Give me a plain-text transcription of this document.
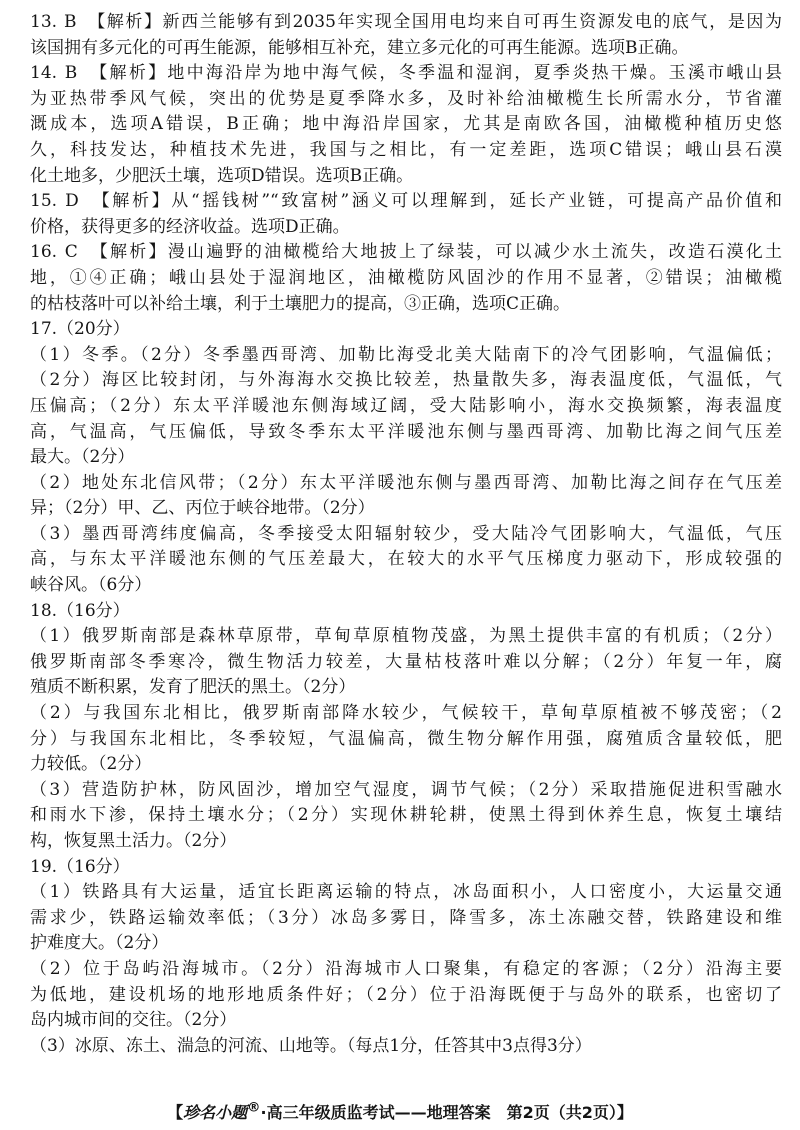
13. B　【解析】新西兰能够有到2035年实现全国用电均来自可再生资源发电的底气，是因为
该国拥有多元化的可再生能源，能够相互补充，建立多元化的可再生能源。选项B正确。
14. B　【解析】地中海沿岸为地中海气候，冬季温和湿润，夏季炎热干燥。玉溪市峨山县
为亚热带季风气候，突出的优势是夏季降水多，及时补给油橄榄生长所需水分，节省灌
溉成本，选项A错误，B正确；地中海沿岸国家，尤其是南欧各国，油橄榄种植历史悠
久，科技发达，种植技术先进，我国与之相比，有一定差距，选项C错误；峨山县石漠
化土地多，少肥沃土壤，选项D错误。选项B正确。
15. D　【解析】从“摇钱树”“致富树”涵义可以理解到，延长产业链，可提高产品价值和
价格，获得更多的经济收益。选项D正确。
16. C　【解析】漫山遍野的油橄榄给大地披上了绿装，可以减少水土流失，改造石漠化土
地，①④正确；峨山县处于湿润地区，油橄榄防风固沙的作用不显著，②错误；油橄榄
的枯枝落叶可以补给土壤，利于土壤肥力的提高，③正确，选项C正确。
17.（20分）
（1）冬季。（2分）冬季墨西哥湾、加勒比海受北美大陆南下的冷气团影响，气温偏低；
（2分）海区比较封闭，与外海海水交换比较差，热量散失多，海表温度低，气温低，气
压偏高；（2分）东太平洋暖池东侧海域辽阔，受大陆影响小，海水交换频繁，海表温度
高，气温高，气压偏低，导致冬季东太平洋暖池东侧与墨西哥湾、加勒比海之间气压差
最大。（2分）
（2）地处东北信风带；（2分）东太平洋暖池东侧与墨西哥湾、加勒比海之间存在气压差
异；（2分）甲、乙、丙位于峡谷地带。（2分）
（3）墨西哥湾纬度偏高，冬季接受太阳辐射较少，受大陆冷气团影响大，气温低，气压
高，与东太平洋暖池东侧的气压差最大，在较大的水平气压梯度力驱动下，形成较强的
峡谷风。（6分）
18.（16分）
（1）俄罗斯南部是森林草原带，草甸草原植物茂盛，为黑土提供丰富的有机质；（2分）
俄罗斯南部冬季寒冷，微生物活力较差，大量枯枝落叶难以分解；（2分）年复一年，腐
殖质不断积累，发育了肥沃的黑土。（2分）
（2）与我国东北相比，俄罗斯南部降水较少，气候较干，草甸草原植被不够茂密；（2
分）与我国东北相比，冬季较短，气温偏高，微生物分解作用强，腐殖质含量较低，肥
力较低。（2分）
（3）营造防护林，防风固沙，增加空气湿度，调节气候；（2分）采取措施促进积雪融水
和雨水下渗，保持土壤水分；（2分）实现休耕轮耕，使黑土得到休养生息，恢复土壤结
构，恢复黑土活力。（2分）
19.（16分）
（1）铁路具有大运量，适宜长距离运输的特点，冰岛面积小，人口密度小，大运量交通
需求少，铁路运输效率低；（3分）冰岛多雾日，降雪多，冻土冻融交替，铁路建设和维
护难度大。（2分）
（2）位于岛屿沿海城市。（2分）沿海城市人口聚集，有稳定的客源；（2分）沿海主要
为低地，建设机场的地形地质条件好；（2分）位于沿海既便于与岛外的联系，也密切了
岛内城市间的交往。（2分）
（3）冰原、冻土、湍急的河流、山地等。（每点1分，任答其中3点得3分）
【珍名小题®·高三年级质监考试——地理答案　第2页（共2页）】
